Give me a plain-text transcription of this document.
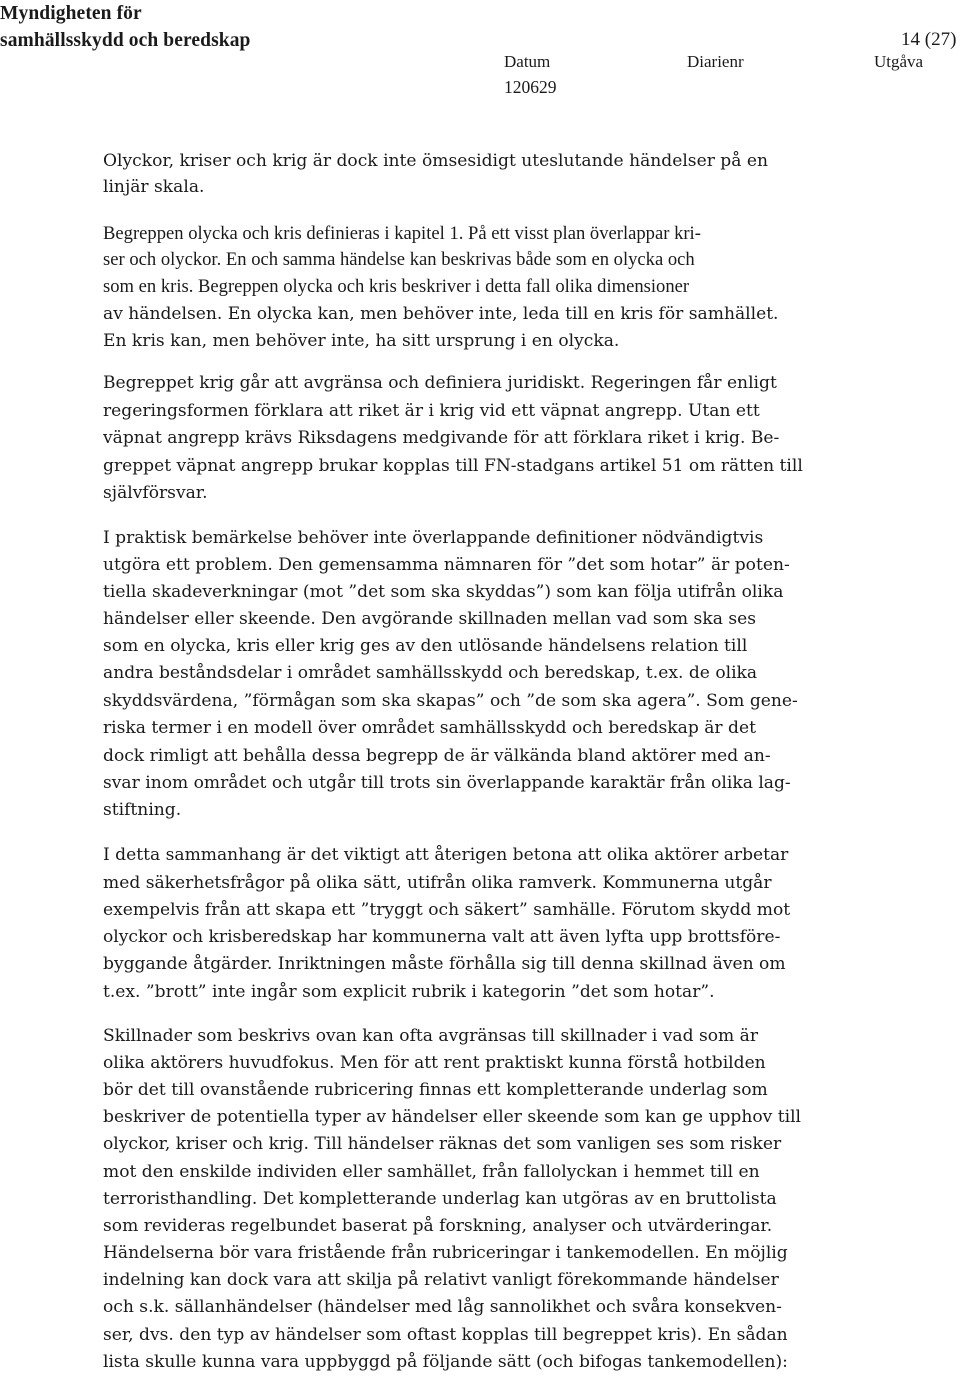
Myndigheten för
samhällsskydd och beredskap	14 (27)
Datum	Diarienr	Utgåva
120629
Olyckor, kriser och krig är dock inte ömsesidigt uteslutande händelser på en
linjär skala.
Begreppen olycka och kris definieras i kapitel 1. På ett visst plan överlappar kri-
ser och olyckor. En och samma händelse kan beskrivas både som en olycka och
som en kris. Begreppen olycka och kris beskriver i detta fall olika dimensioner
av händelsen. En olycka kan, men behöver inte, leda till en kris för samhället.
En kris kan, men behöver inte, ha sitt ursprung i en olycka.
Begreppet krig går att avgränsa och definiera juridiskt. Regeringen får enligt
regeringsformen förklara att riket är i krig vid ett väpnat angrepp. Utan ett
väpnat angrepp krävs Riksdagens medgivande för att förklara riket i krig. Be-
greppet väpnat angrepp brukar kopplas till FN-stadgans artikel 51 om rätten till
självförsvar.
I praktisk bemärkelse behöver inte överlappande definitioner nödvändigtvis
utgöra ett problem. Den gemensamma nämnaren för ”det som hotar” är poten-
tiella skadeverkningar (mot ”det som ska skyddas”) som kan följa utifrån olika
händelser eller skeende. Den avgörande skillnaden mellan vad som ska ses
som en olycka, kris eller krig ges av den utlösande händelsens relation till
andra beståndsdelar i området samhällsskydd och beredskap, t.ex. de olika
skyddsvärdena, ”förmågan som ska skapas” och ”de som ska agera”. Som gene-
riska termer i en modell över området samhällsskydd och beredskap är det
dock rimligt att behålla dessa begrepp de är välkända bland aktörer med an-
svar inom området och utgår till trots sin överlappande karaktär från olika lag-
stiftning.
I detta sammanhang är det viktigt att återigen betona att olika aktörer arbetar
med säkerhetsfrågor på olika sätt, utifrån olika ramverk. Kommunerna utgår
exempelvis från att skapa ett ”tryggt och säkert” samhälle. Förutom skydd mot
olyckor och krisberedskap har kommunerna valt att även lyfta upp brottsföre-
byggande åtgärder. Inriktningen måste förhålla sig till denna skillnad även om
t.ex. ”brott” inte ingår som explicit rubrik i kategorin ”det som hotar”.
Skillnader som beskrivs ovan kan ofta avgränsas till skillnader i vad som är
olika aktörers huvudfokus. Men för att rent praktiskt kunna förstå hotbilden
bör det till ovanstående rubricering finnas ett kompletterande underlag som
beskriver de potentiella typer av händelser eller skeende som kan ge upphov till
olyckor, kriser och krig. Till händelser räknas det som vanligen ses som risker
mot den enskilde individen eller samhället, från fallolyckan i hemmet till en
terroristhandling. Det kompletterande underlag kan utgöras av en bruttolista
som revideras regelbundet baserat på forskning, analyser och utvärderingar.
Händelserna bör vara fristående från rubriceringar i tankemodellen. En möjlig
indelning kan dock vara att skilja på relativt vanligt förekommande händelser
och s.k. sällanhändelser (händelser med låg sannolikhet och svåra konsekven-
ser, dvs. den typ av händelser som oftast kopplas till begreppet kris). En sådan
lista skulle kunna vara uppbyggd på följande sätt (och bifogas tankemodellen):
